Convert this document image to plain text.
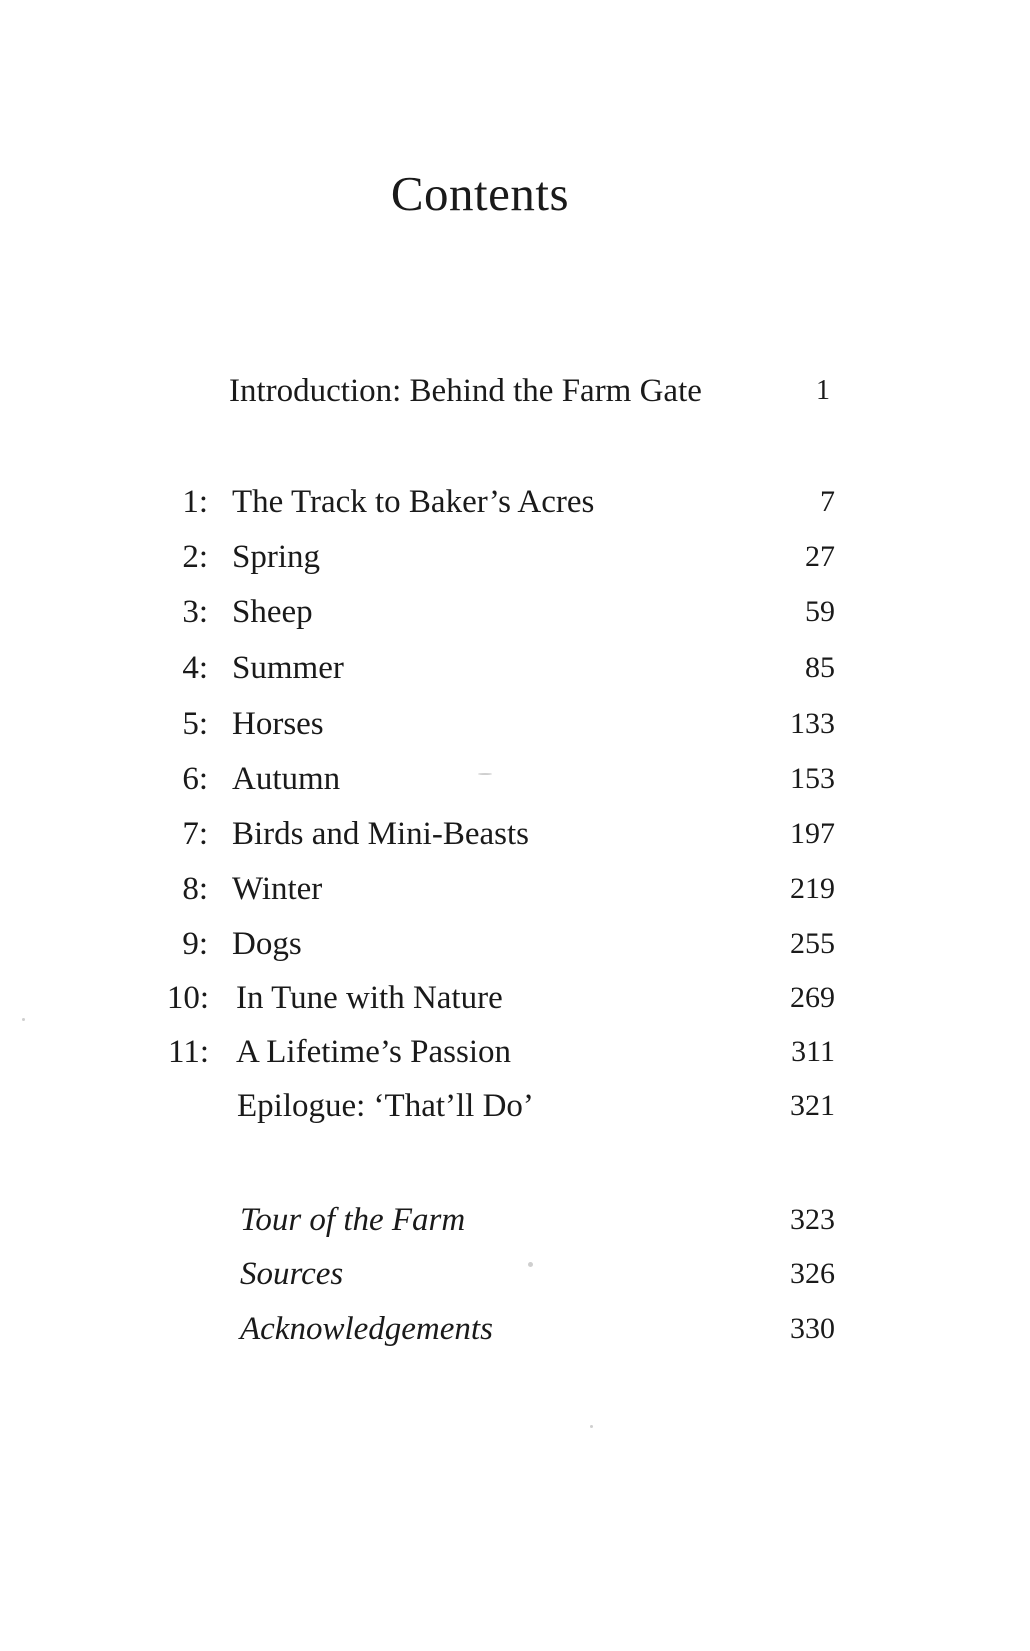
Contents
Introduction: Behind the Farm Gate	1
1: The Track to Baker’s Acres	7
2: Spring	27
3: Sheep	59
4: Summer	85
5: Horses	133
6: Autumn	153
7: Birds and Mini-Beasts	197
8: Winter	219
9: Dogs	255
10: In Tune with Nature	269
11: A Lifetime’s Passion	311
Epilogue: ‘That’ll Do’	321
Tour of the Farm	323
Sources	326
Acknowledgements	330
